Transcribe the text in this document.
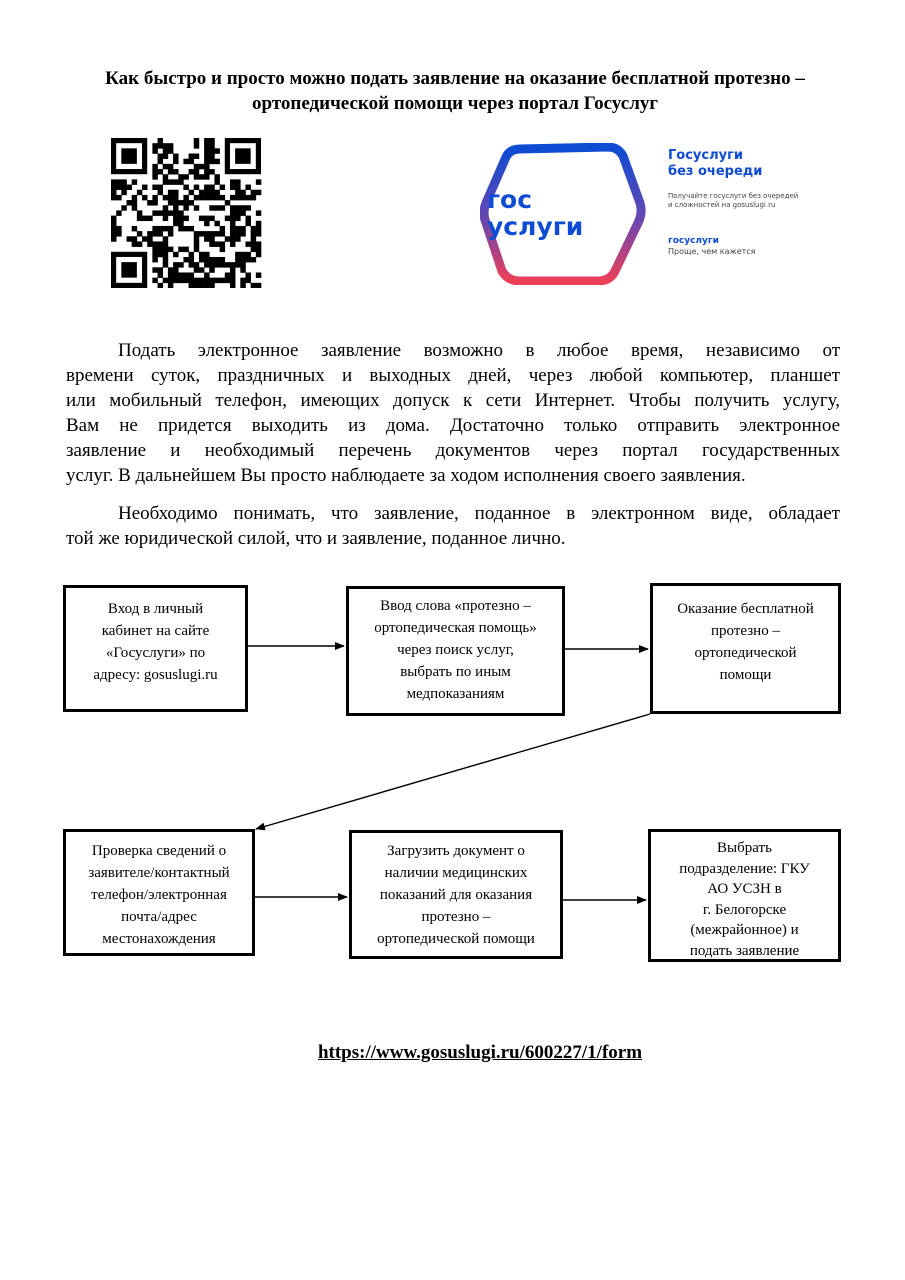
Как быстро и просто можно подать заявление на оказание бесплатной протезно –
ортопедической помощи через портал Госуслуг
гос
услуги
Госуслуги
без очереди
Получайте госуслуги без очередей
и сложностей на gosuslugi.ru
госуслуги
Проще, чем кажется
Подать электронное заявление возможно в любое время, независимо от
времени суток, праздничных и выходных дней, через любой компьютер, планшет
или мобильный телефон, имеющих допуск к сети Интернет. Чтобы получить услугу,
Вам не придется выходить из дома. Достаточно только отправить электронное
заявление и необходимый перечень документов через портал государственных
услуг. В дальнейшем Вы просто наблюдаете за ходом исполнения своего заявления.
Необходимо понимать, что заявление, поданное в электронном виде, обладает
той же юридической силой, что и заявление, поданное лично.
Вход в личный
кабинет на сайте
«Госуслуги» по
адресу: gosuslugi.ru
Ввод слова «протезно –
ортопедическая помощь»
через поиск услуг,
выбрать по иным
медпоказаниям
Оказание бесплатной
протезно –
ортопедической
помощи
Проверка сведений о
заявителе/контактный
телефон/электронная
почта/адрес
местонахождения
Загрузить документ о
наличии медицинских
показаний для оказания
протезно –
ортопедической помощи
Выбрать
подразделение: ГКУ
АО УСЗН в
г. Белогорске
(межрайонное) и
подать заявление
https://www.gosuslugi.ru/600227/1/form
